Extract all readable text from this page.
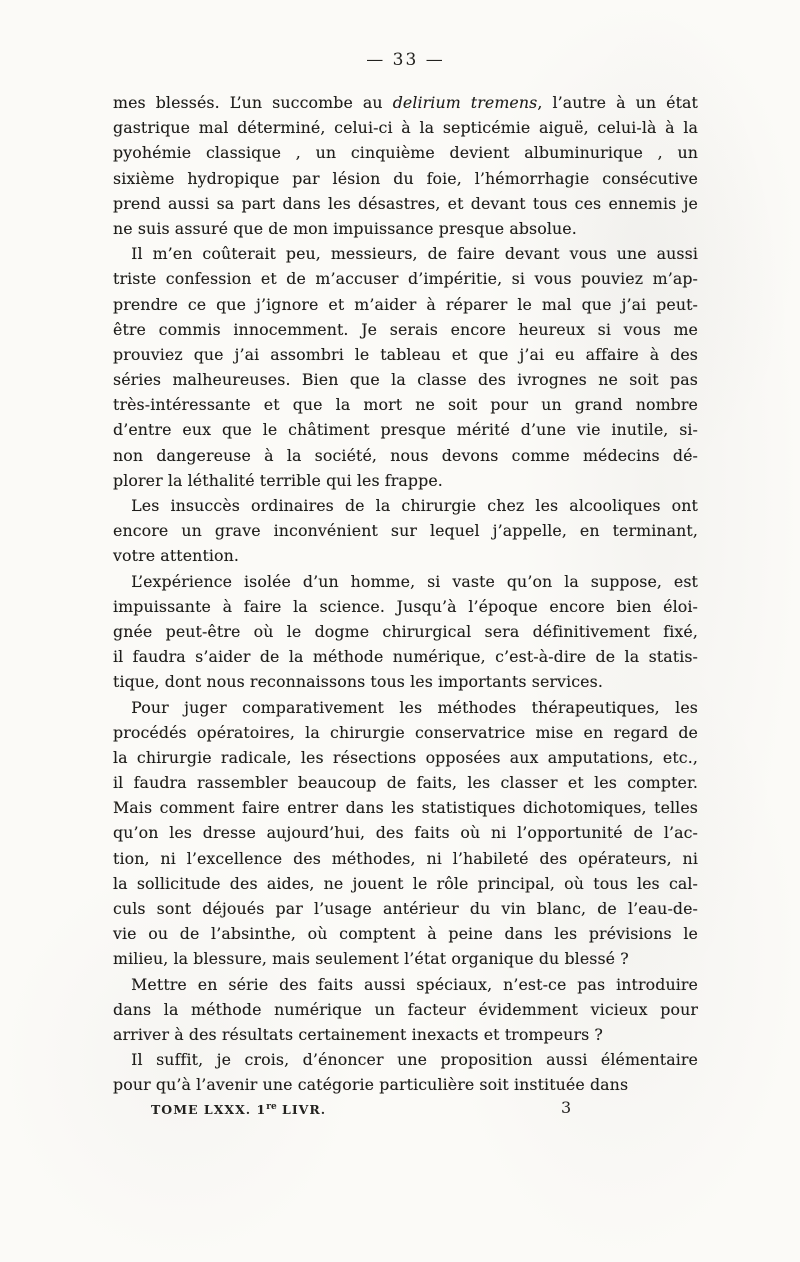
— 33 —
mes blessés. L’un succombe au delirium tremens, l’autre à un état
gastrique mal déterminé, celui-ci à la septicémie aiguë, celui-là à la
pyohémie classique , un cinquième devient albuminurique , un
sixième hydropique par lésion du foie, l’hémorrhagie consécutive
prend aussi sa part dans les désastres, et devant tous ces ennemis je
ne suis assuré que de mon impuissance presque absolue.
Il m’en coûterait peu, messieurs, de faire devant vous une aussi
triste confession et de m’accuser d’impéritie, si vous pouviez m’ap-
prendre ce que j’ignore et m’aider à réparer le mal que j’ai peut-
être commis innocemment. Je serais encore heureux si vous me
prouviez que j’ai assombri le tableau et que j’ai eu affaire à des
séries malheureuses. Bien que la classe des ivrognes ne soit pas
très-intéressante et que la mort ne soit pour un grand nombre
d’entre eux que le châtiment presque mérité d’une vie inutile, si-
non dangereuse à la société, nous devons comme médecins dé-
plorer la léthalité terrible qui les frappe.
Les insuccès ordinaires de la chirurgie chez les alcooliques ont
encore un grave inconvénient sur lequel j’appelle, en terminant,
votre attention.
L’expérience isolée d’un homme, si vaste qu’on la suppose, est
impuissante à faire la science. Jusqu’à l’époque encore bien éloi-
gnée peut-être où le dogme chirurgical sera définitivement fixé,
il faudra s’aider de la méthode numérique, c’est-à-dire de la statis-
tique, dont nous reconnaissons tous les importants services.
Pour juger comparativement les méthodes thérapeutiques, les
procédés opératoires, la chirurgie conservatrice mise en regard de
la chirurgie radicale, les résections opposées aux amputations, etc.,
il faudra rassembler beaucoup de faits, les classer et les compter.
Mais comment faire entrer dans les statistiques dichotomiques, telles
qu’on les dresse aujourd’hui, des faits où ni l’opportunité de l’ac-
tion, ni l’excellence des méthodes, ni l’habileté des opérateurs, ni
la sollicitude des aides, ne jouent le rôle principal, où tous les cal-
culs sont déjoués par l’usage antérieur du vin blanc, de l’eau-de-
vie ou de l’absinthe, où comptent à peine dans les prévisions le
milieu, la blessure, mais seulement l’état organique du blessé ?
Mettre en série des faits aussi spéciaux, n’est-ce pas introduire
dans la méthode numérique un facteur évidemment vicieux pour
arriver à des résultats certainement inexacts et trompeurs ?
Il suffit, je crois, d’énoncer une proposition aussi élémentaire
pour qu’à l’avenir une catégorie particulière soit instituée dans
TOME LXXX. 1re LIVR.	3
